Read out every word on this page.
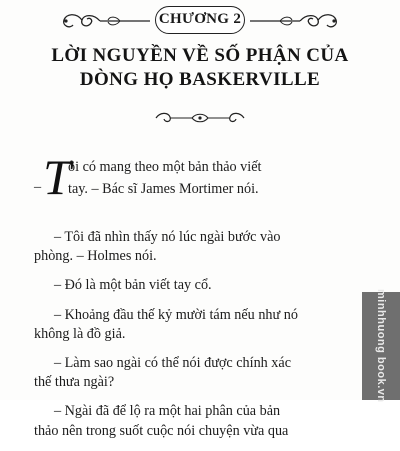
CHƯƠNG 2
LỜI NGUYỀN VỀ SỐ PHẬN CỦA
DÒNG HỌ BASKERVILLE
– T
ôi có mang theo một bản thảo viết
tay. – Bác sĩ James Mortimer nói.
– Tôi đã nhìn thấy nó lúc ngài bước vào
phòng. – Holmes nói.
– Đó là một bản viết tay cổ.
– Khoảng đầu thế kỷ mười tám nếu như nó
không là đồ giả.
– Làm sao ngài có thể nói được chính xác
thế thưa ngài?
– Ngài đã để lộ ra một hai phân của bản
thảo nên trong suốt cuộc nói chuyện vừa qua
minhhuong book.vn
